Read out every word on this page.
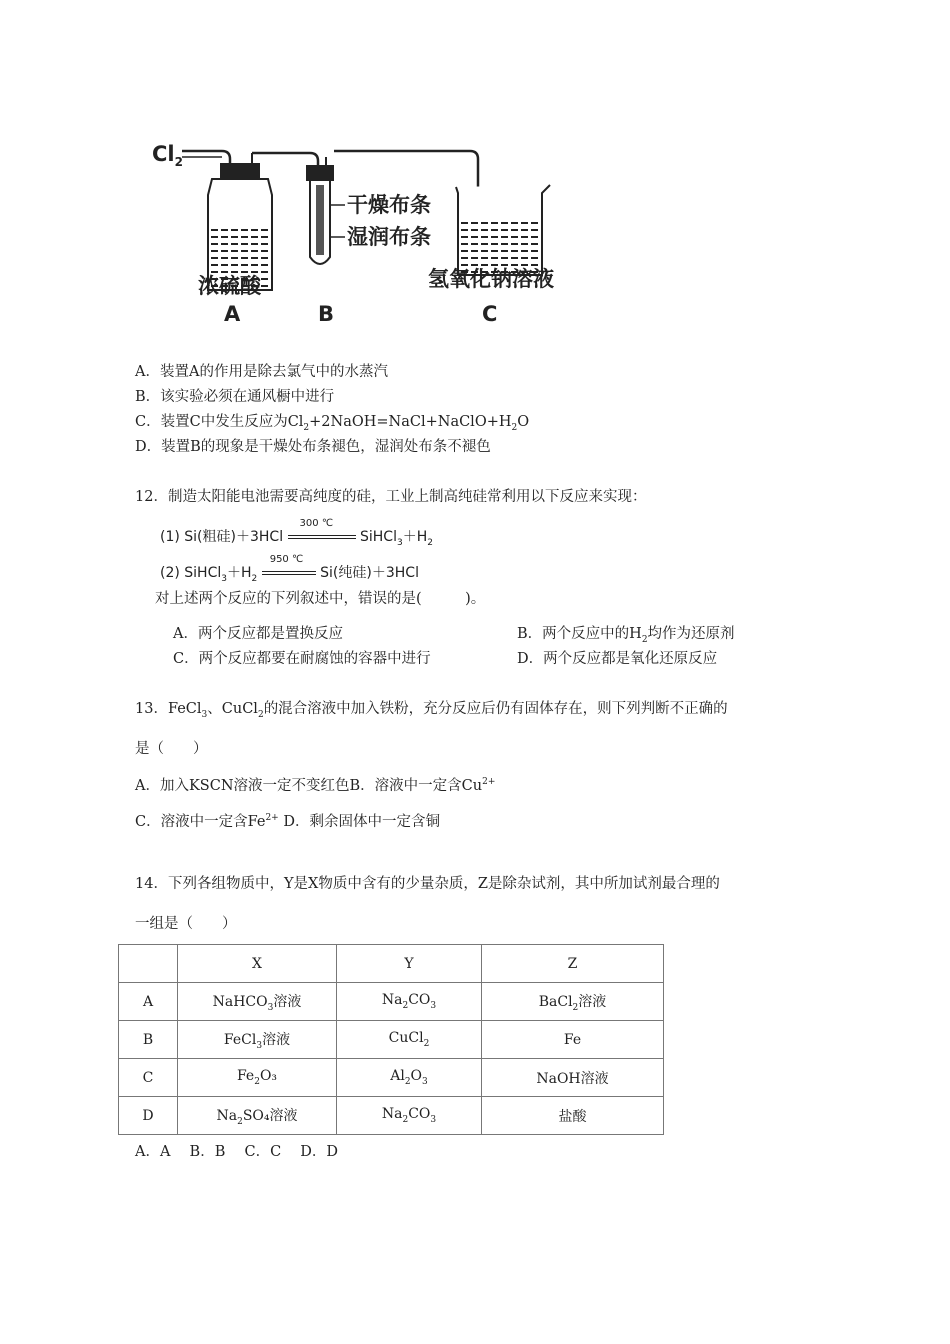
$Cl_2$
干燥布条
湿润布条
浓硫酸	氢氧化钠溶液
A	B	C
A．装置A的作用是除去氯气中的水蒸汽
B．该实验必须在通风橱中进行
C．装置C中发生反应为$Cl_2+2NaOH=NaCl+NaClO+H_2O$
D．装置B的现象是干燥处布条褪色，湿润处布条不褪色
12．制造太阳能电池需要高纯度的硅，工业上制高纯硅常利用以下反应来实现：
(1) Si(粗硅)＋3HCl
300 ℃
$SiHCl_3+H_2$
(2) $SiHCl_3+H_2$
950 ℃
Si(纯硅)＋3HCl
对上述两个反应的下列叙述中，错误的是(　　　)。
A．两个反应都是置换反应	B．两个反应中的$H_2$均作为还原剂
C．两个反应都要在耐腐蚀的容器中进行	D．两个反应都是氧化还原反应
13．FeCl$_3$、CuCl$_2$的混合溶液中加入铁粉，充分反应后仍有固体存在，则下列判断不正确的
是（　　）
A．加入KSCN溶液一定不变红色B．溶液中一定含$Cu^{2+}$
C．溶液中一定含$Fe^{2+}$ D．剩余固体中一定含铜
14．下列各组物质中，Y是X物质中含有的少量杂质，Z是除杂试剂，其中所加试剂最合理的
一组是（　　）
	X	Y	Z
A	NaHCO$_3$溶液	$Na_2CO_3$	BaCl$_2$溶液
B	FeCl$_3$溶液	CuCl$_2$	Fe
C	$Fe_2O_3$	$Al_2O_3$	NaOH溶液
D	$Na_2SO_4$溶液	$Na_2CO_3$	盐酸
A．A　 B．B　 C．C　 D．D
